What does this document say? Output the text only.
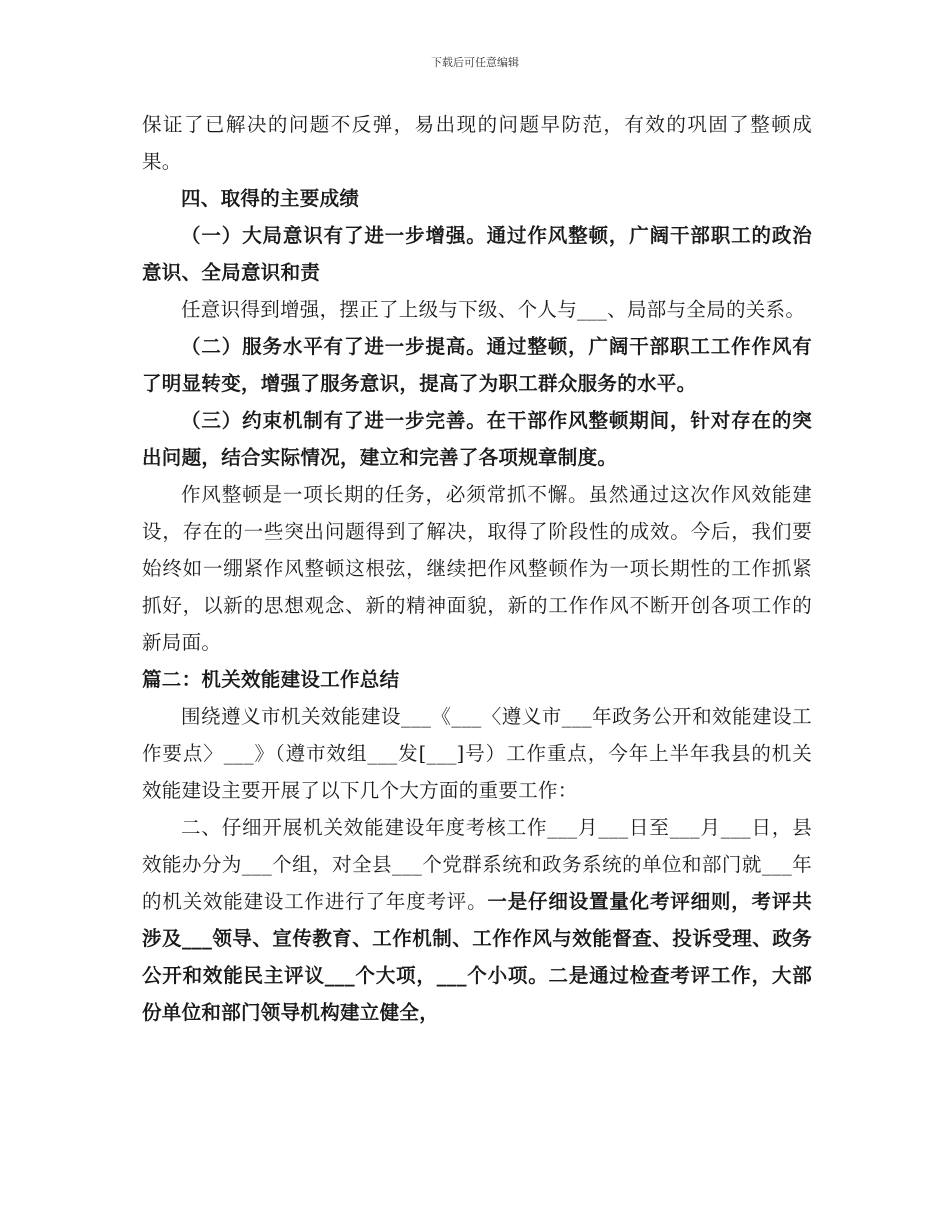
下载后可任意编辑

保证了已解决的问题不反弹，易出现的问题早防范，有效的巩固了整顿成果。

四、取得的主要成绩

（一）大局意识有了进一步增强。通过作风整顿，广阔干部职工的政治意识、全局意识和责

任意识得到增强，摆正了上级与下级、个人与___、局部与全局的关系。

（二）服务水平有了进一步提高。通过整顿，广阔干部职工工作作风有了明显转变，增强了服务意识，提高了为职工群众服务的水平。

（三）约束机制有了进一步完善。在干部作风整顿期间，针对存在的突出问题，结合实际情况，建立和完善了各项规章制度。

作风整顿是一项长期的任务，必须常抓不懈。虽然通过这次作风效能建设，存在的一些突出问题得到了解决，取得了阶段性的成效。今后，我们要始终如一绷紧作风整顿这根弦，继续把作风整顿作为一项长期性的工作抓紧抓好，以新的思想观念、新的精神面貌，新的工作作风不断开创各项工作的新局面。

篇二：机关效能建设工作总结

围绕遵义市机关效能建设___《___〈遵义市___年政务公开和效能建设工作要点〉___》（遵市效组___发[___]号）工作重点，今年上半年我县的机关效能建设主要开展了以下几个大方面的重要工作：

二、仔细开展机关效能建设年度考核工作___月___日至___月___日，县效能办分为___个组，对全县___个党群系统和政务系统的单位和部门就___年的机关效能建设工作进行了年度考评。一是仔细设置量化考评细则，考评共涉及___领导、宣传教育、工作机制、工作作风与效能督查、投诉受理、政务公开和效能民主评议___个大项，___个小项。二是通过检查考评工作，大部份单位和部门领导机构建立健全，
